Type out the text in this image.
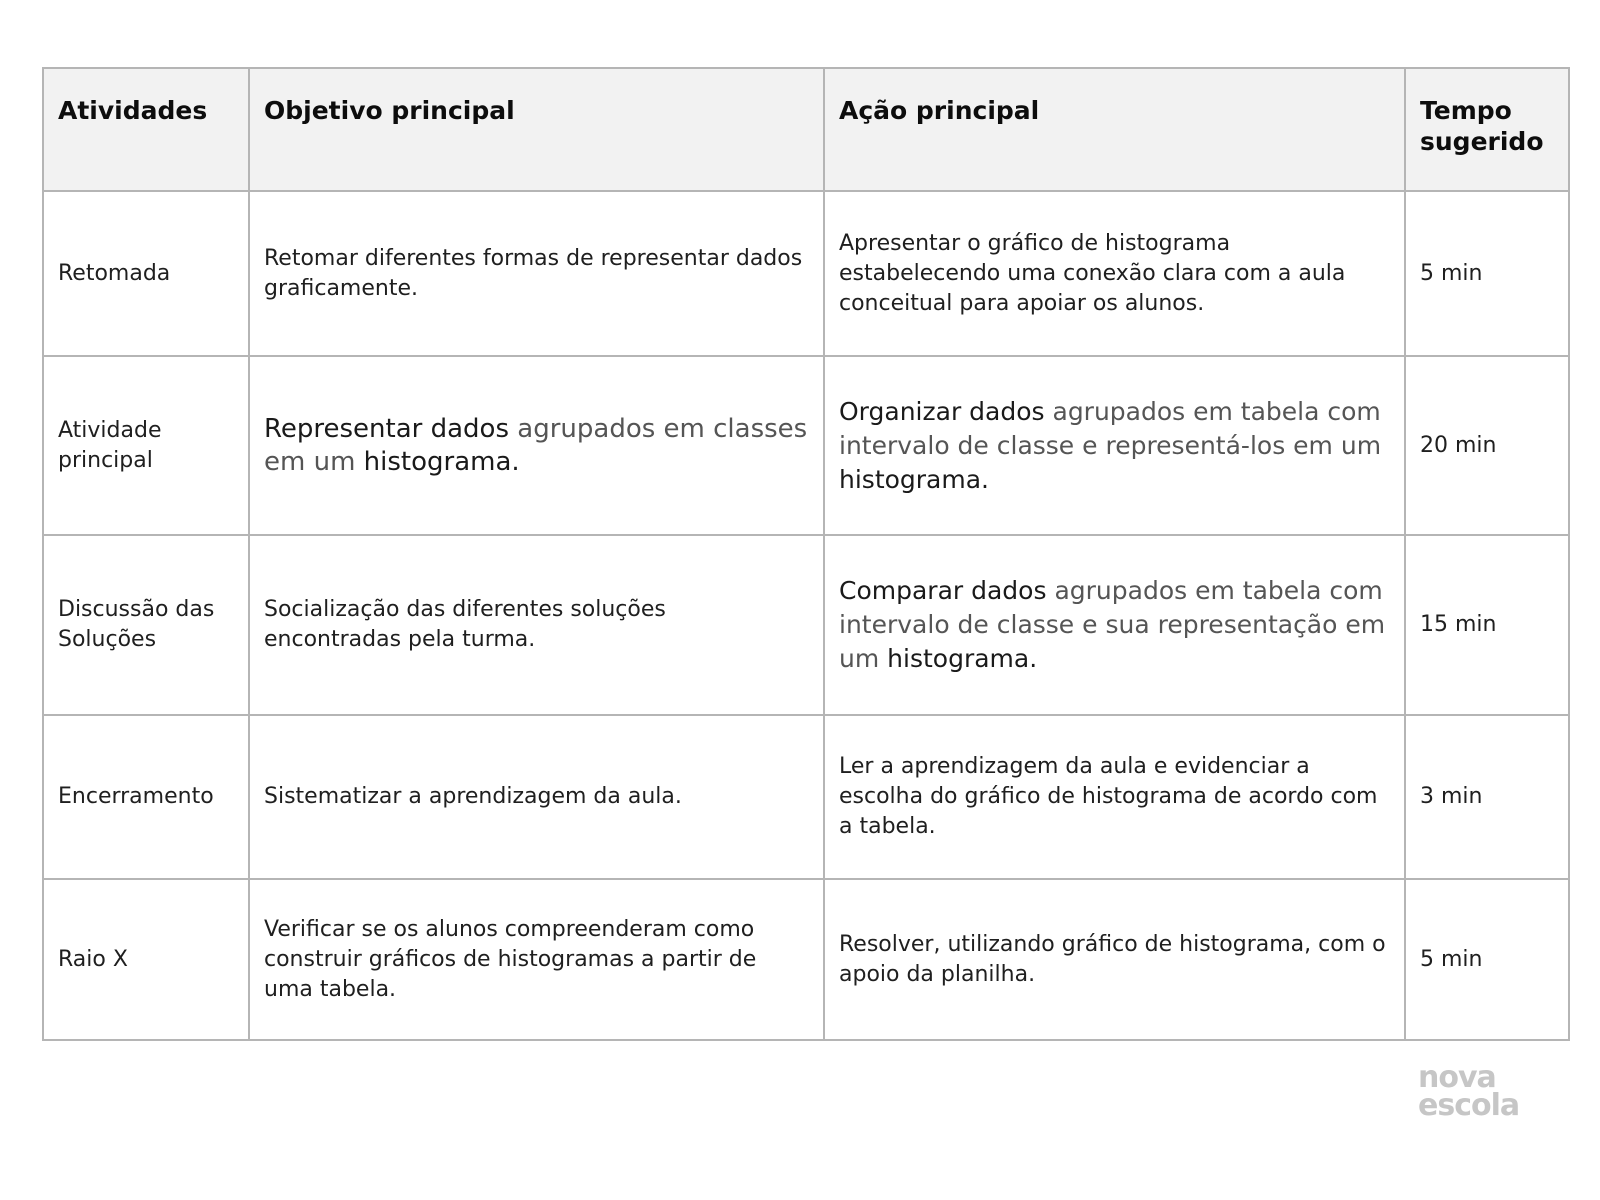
Atividades	Objetivo principal	Ação principal	Tempo sugerido
Retomada	Retomar diferentes formas de representar dados graficamente.	Apresentar o gráfico de histograma estabelecendo uma conexão clara com a aula conceitual para apoiar os alunos.	5 min
Atividade principal	Representar dados agrupados em classes em um histograma.	Organizar dados agrupados em tabela com intervalo de classe e representá-los em um histograma.	20 min
Discussão das Soluções	Socialização das diferentes soluções encontradas pela turma.	Comparar dados agrupados em tabela com intervalo de classe e sua representação em um histograma.	15 min
Encerramento	Sistematizar a aprendizagem da aula.	Ler a aprendizagem da aula e evidenciar a escolha do gráfico de histograma de acordo com a tabela.	3 min
Raio X	Verificar se os alunos compreenderam como construir gráficos de histogramas a partir de uma tabela.	Resolver, utilizando gráfico de histograma, com o apoio da planilha.	5 min
nova
escola
